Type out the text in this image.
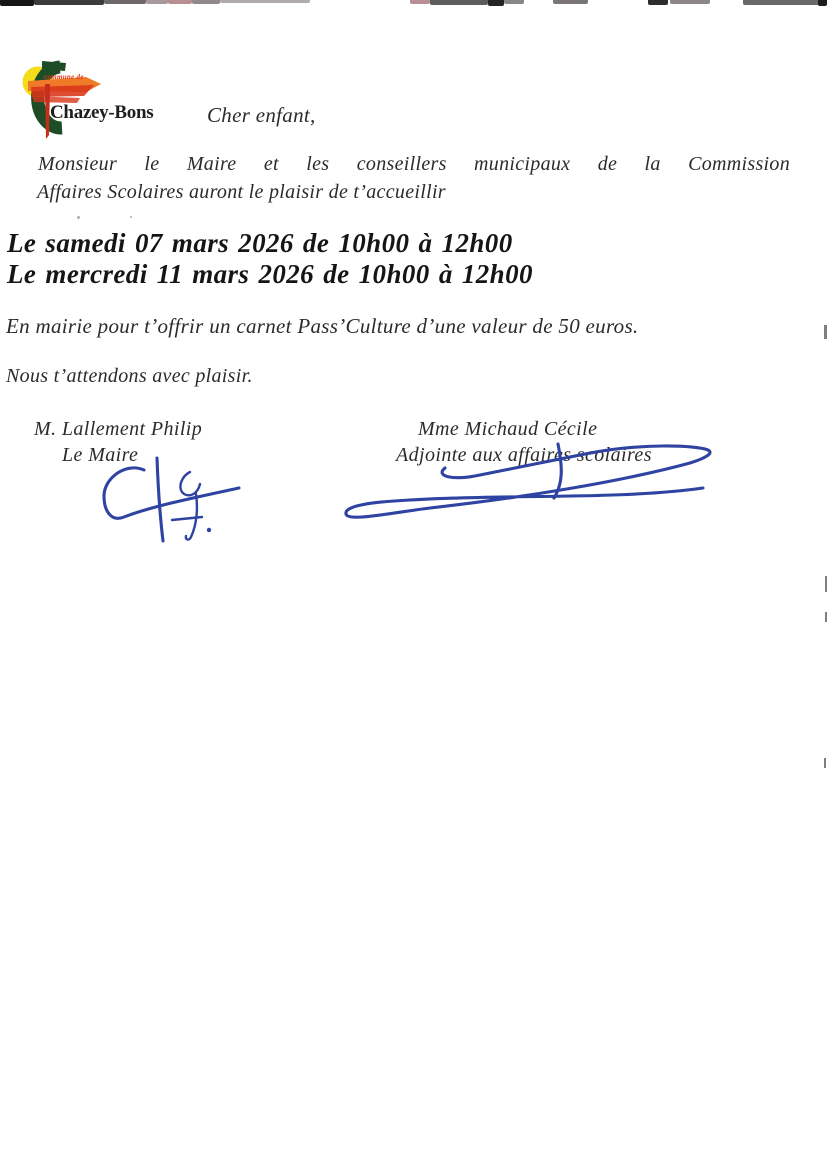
commune de
Chazey-Bons	Cher enfant,
Monsieur le Maire et les conseillers municipaux de la Commission
Affaires Scolaires auront le plaisir de t’accueillir
Le samedi 07 mars 2026 de 10h00 à 12h00
Le mercredi 11 mars 2026 de 10h00 à 12h00
En mairie pour t’offrir un carnet Pass’Culture d’une valeur de 50 euros.
Nous t’attendons avec plaisir.
M. Lallement Philip
Le Maire
Mme Michaud Cécile
Adjointe aux affaires scolaires
